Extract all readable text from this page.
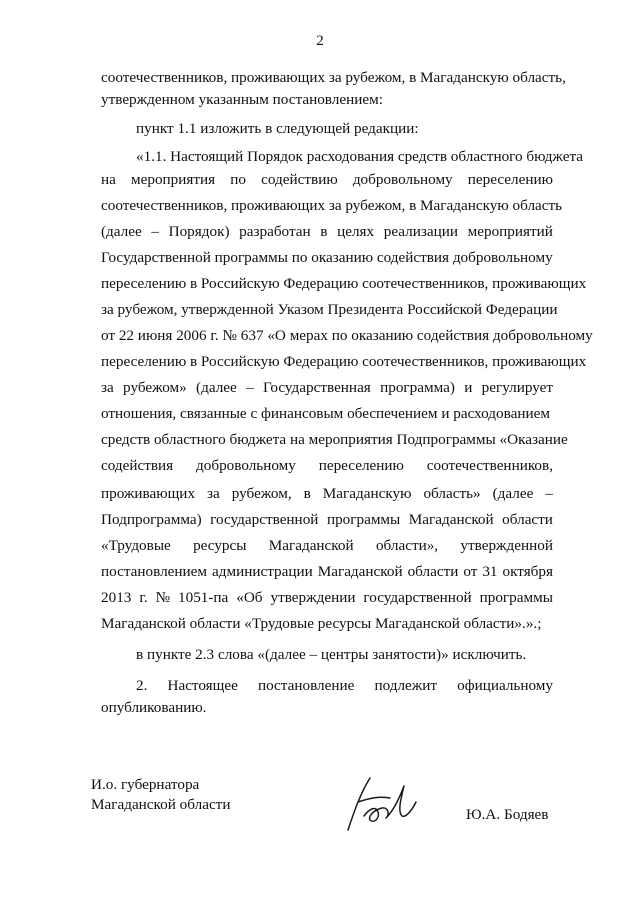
2
соотечественников, проживающих за рубежом, в Магаданскую область,
утвержденном указанным постановлением:
пункт 1.1 изложить в следующей редакции:
«1.1. Настоящий Порядок расходования средств областного бюджета
на мероприятия по содействию добровольному переселению
соотечественников, проживающих за рубежом, в Магаданскую область
(далее – Порядок) разработан в целях реализации мероприятий
Государственной программы по оказанию содействия добровольному
переселению в Российскую Федерацию соотечественников, проживающих
за рубежом, утвержденной Указом Президента Российской Федерации
от 22 июня 2006 г. № 637 «О мерах по оказанию содействия добровольному
переселению в Российскую Федерацию соотечественников, проживающих
за рубежом» (далее – Государственная программа) и регулирует
отношения, связанные с финансовым обеспечением и расходованием
средств областного бюджета на мероприятия Подпрограммы «Оказание
содействия добровольному переселению соотечественников,
проживающих за рубежом, в Магаданскую область» (далее –
Подпрограмма) государственной программы Магаданской области
«Трудовые ресурсы Магаданской области», утвержденной
постановлением администрации Магаданской области от 31 октября
2013 г. № 1051-па «Об утверждении государственной программы
Магаданской области «Трудовые ресурсы Магаданской области».».;
в пункте 2.3 слова «(далее – центры занятости)» исключить.
2. Настоящее постановление подлежит официальному
опубликованию.
И.о. губернатора
Магаданской области
Ю.А. Бодяев
